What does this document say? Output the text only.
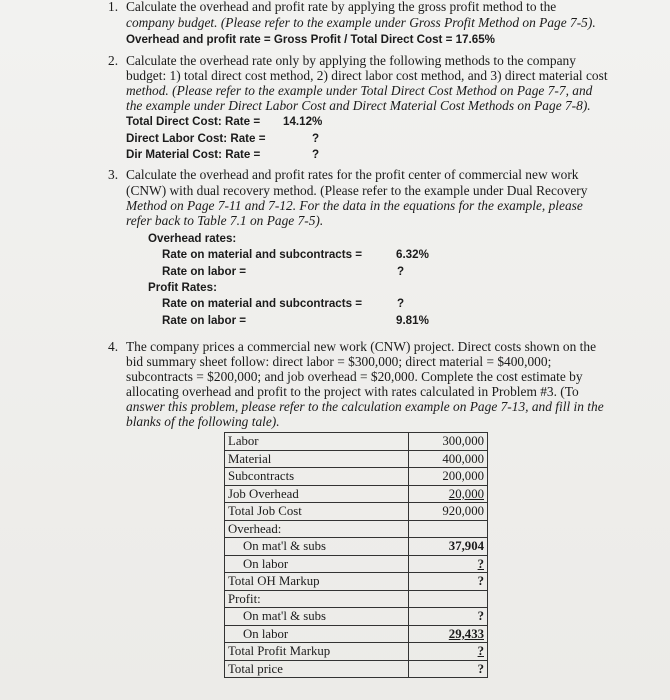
1. Calculate the overhead and profit rate by applying the gross profit method to the
company budget. (Please refer to the example under Gross Profit Method on Page 7-5).
Overhead and profit rate = Gross Profit / Total Direct Cost = 17.65%
2. Calculate the overhead rate only by applying the following methods to the company
budget: 1) total direct cost method, 2) direct labor cost method, and 3) direct material cost
method. (Please refer to the example under Total Direct Cost Method on Page 7-7, and
the example under Direct Labor Cost and Direct Material Cost Methods on Page 7-8).
Total Direct Cost: Rate = 14.12%
Direct Labor Cost: Rate =	?
Dir Material Cost: Rate =	?
3. Calculate the overhead and profit rates for the profit center of commercial new work
(CNW) with dual recovery method. (Please refer to the example under Dual Recovery
Method on Page 7-11 and 7-12. For the data in the equations for the example, please
refer back to Table 7.1 on Page 7-5).
Overhead rates:
Rate on material and subcontracts =	6.32%
Rate on labor =	?
Profit Rates:
Rate on material and subcontracts =	?
Rate on labor =	9.81%
4. The company prices a commercial new work (CNW) project. Direct costs shown on the
bid summary sheet follow: direct labor = $300,000; direct material = $400,000;
subcontracts = $200,000; and job overhead = $20,000. Complete the cost estimate by
allocating overhead and profit to the project with rates calculated in Problem #3. (To
answer this problem, please refer to the calculation example on Page 7-13, and fill in the
blanks of the following tale).
Labor	300,000
Material	400,000
Subcontracts	200,000
Job Overhead	20,000
Total Job Cost	920,000
Overhead:	
On mat'l & subs	37,904
On labor	?
Total OH Markup	?
Profit:	
On mat'l & subs	?
On labor	29,433
Total Profit Markup	?
Total price	?
